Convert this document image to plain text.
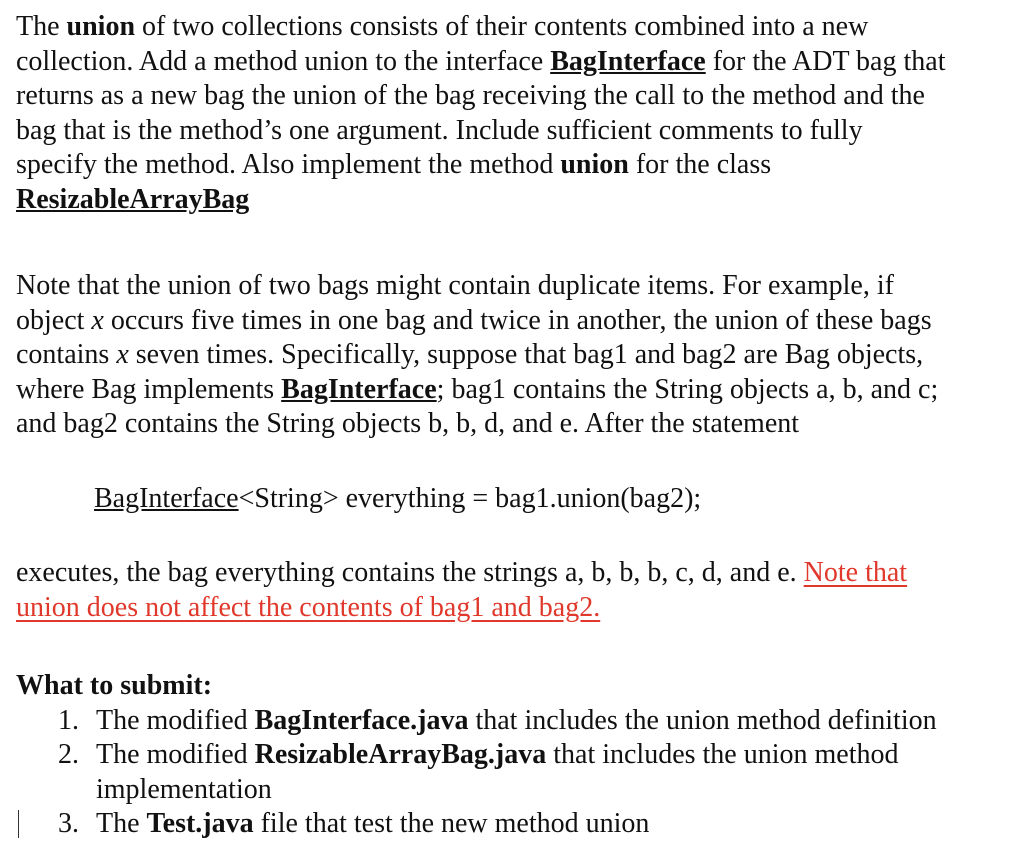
The union of two collections consists of their contents combined into a new
collection. Add a method union to the interface BagInterface for the ADT bag that
returns as a new bag the union of the bag receiving the call to the method and the
bag that is the method’s one argument. Include sufficient comments to fully
specify the method. Also implement the method union for the class
ResizableArrayBag

Note that the union of two bags might contain duplicate items. For example, if
object x occurs five times in one bag and twice in another, the union of these bags
contains x seven times. Specifically, suppose that bag1 and bag2 are Bag objects,
where Bag implements BagInterface; bag1 contains the String objects a, b, and c;
and bag2 contains the String objects b, b, d, and e. After the statement

BagInterface<String> everything = bag1.union(bag2);

executes, the bag everything contains the strings a, b, b, b, c, d, and e. Note that
union does not affect the contents of bag1 and bag2.

What to submit:

1. The modified BagInterface.java that includes the union method definition
2. The modified ResizableArrayBag.java that includes the union method
implementation
3. The Test.java file that test the new method union
